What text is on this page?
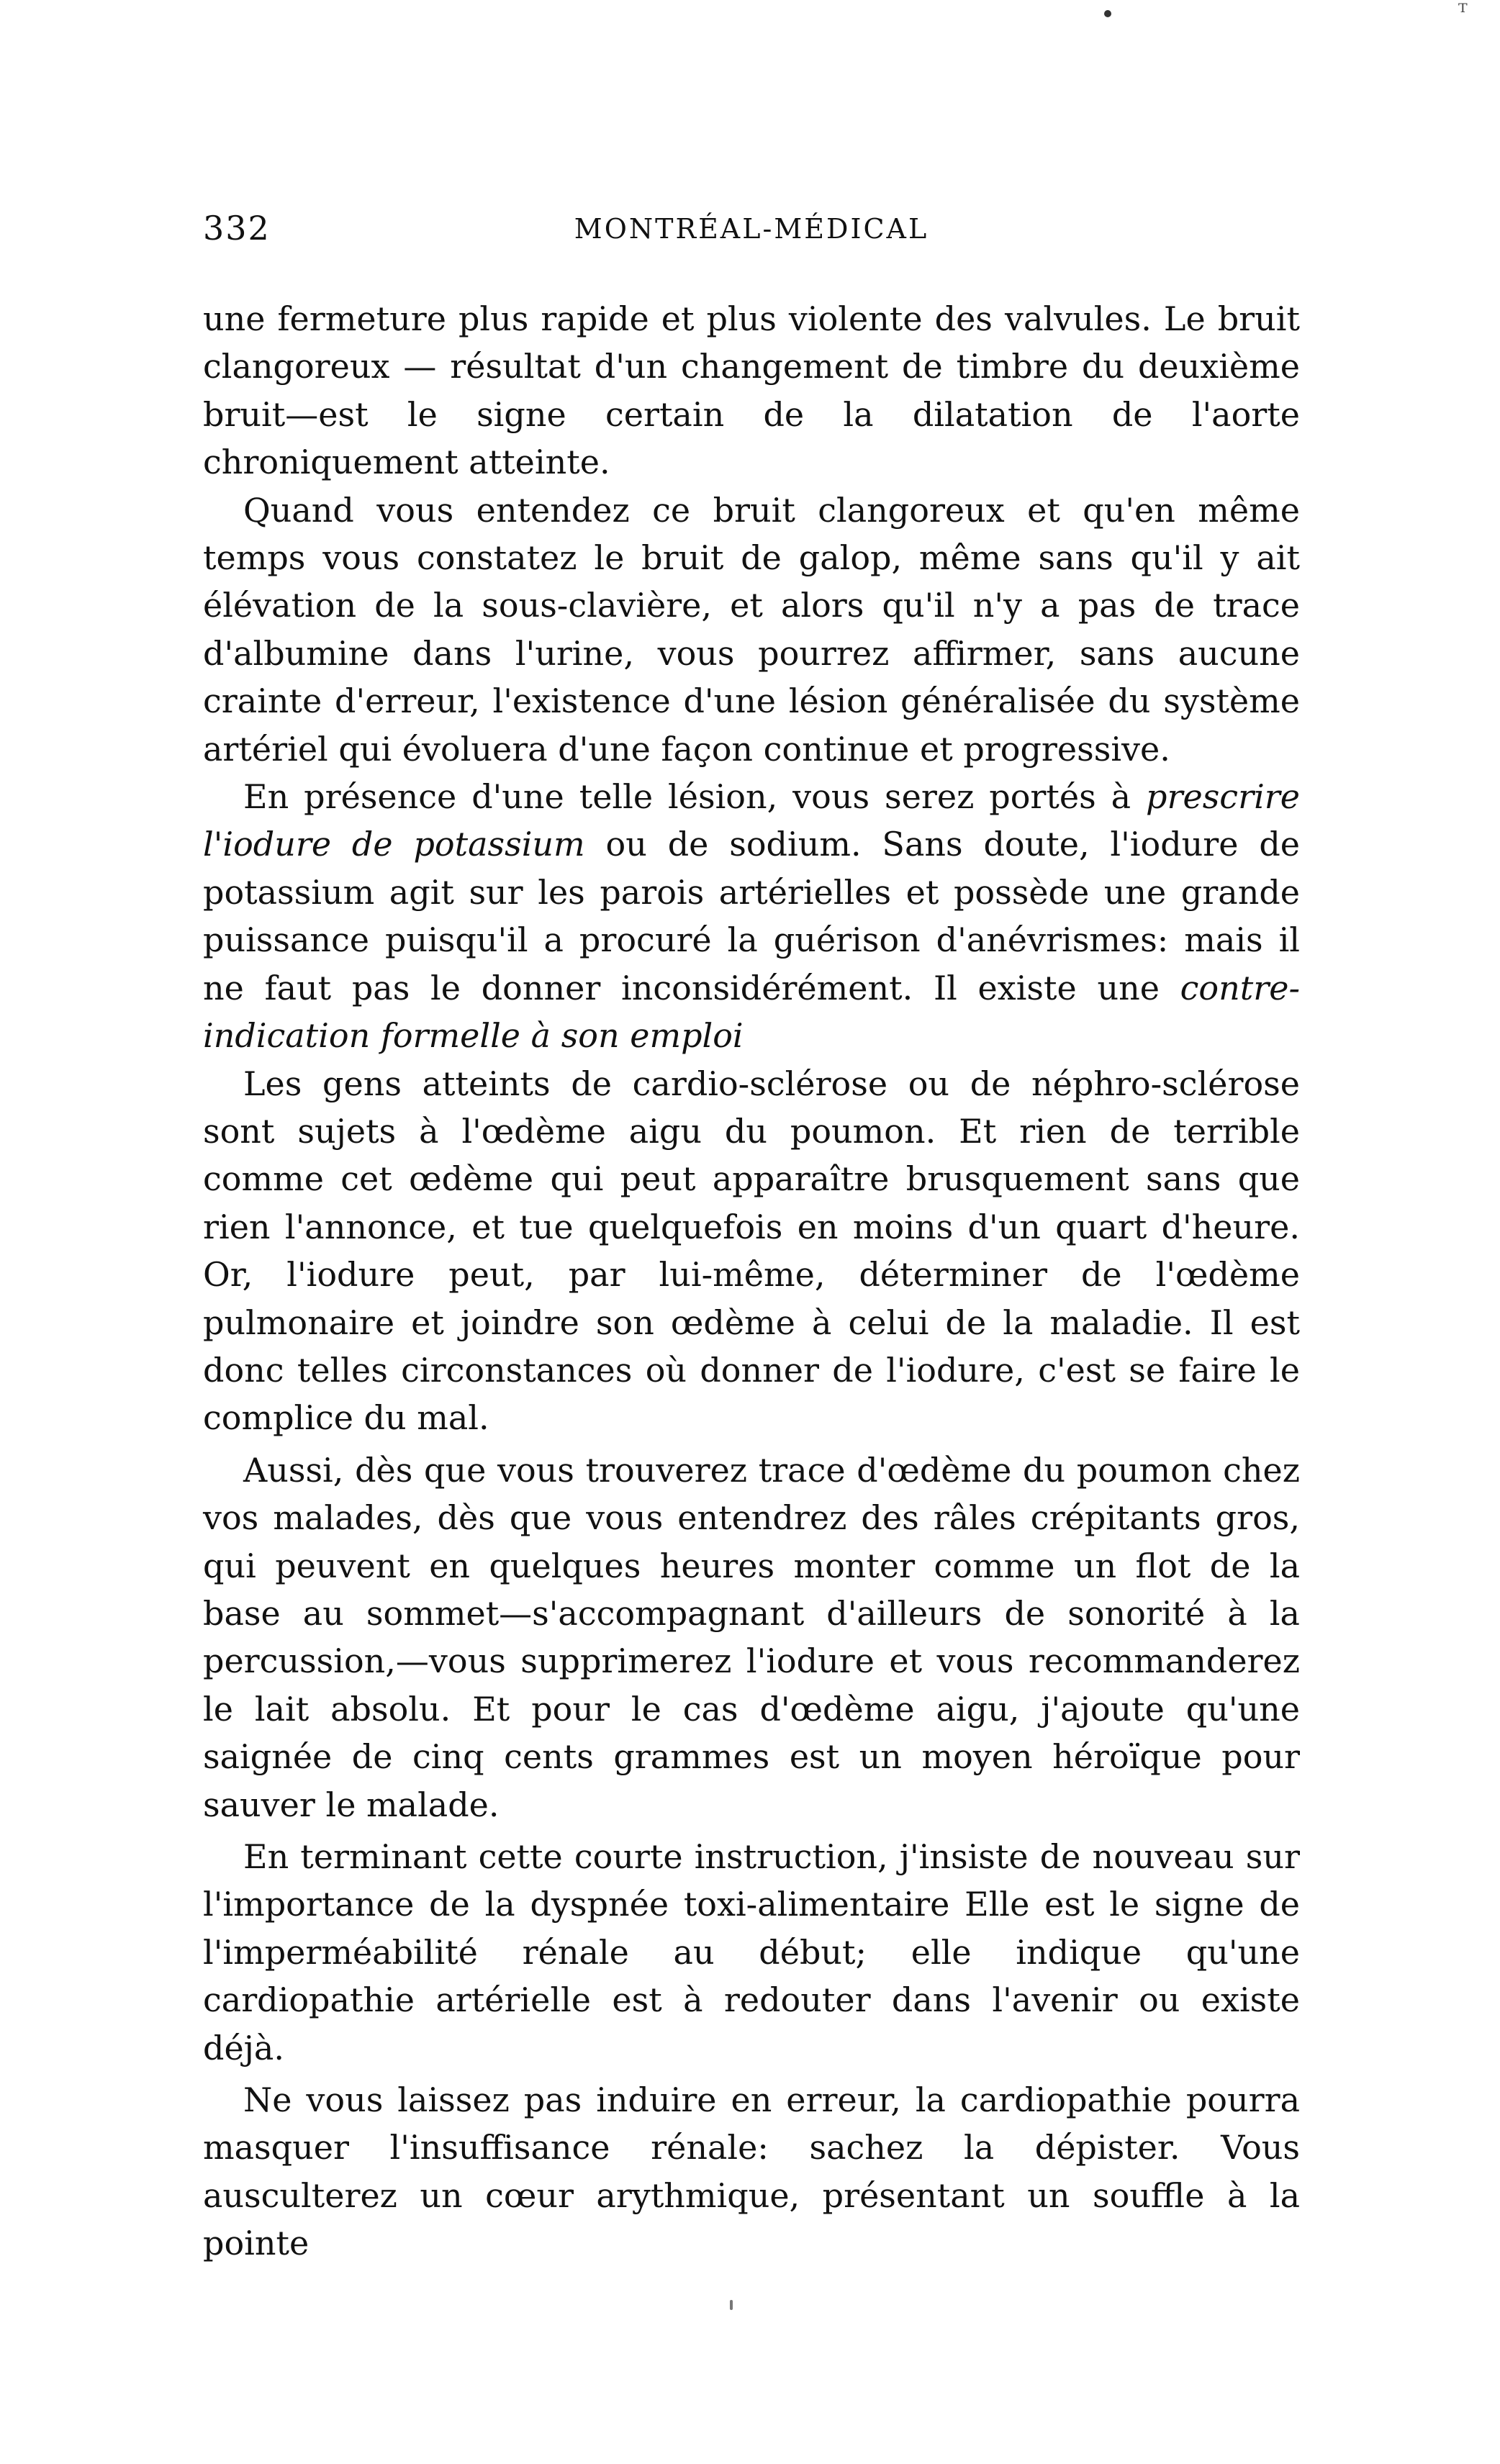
ᵀ
332	MONTRÉAL-MÉDICAL

une fermeture plus rapide et plus violente des valvules. Le bruit clangoreux — résultat d'un changement de timbre du deuxième bruit—est le signe certain de la dilatation de l'aorte chroniquement atteinte.

Quand vous entendez ce bruit clangoreux et qu'en même temps vous constatez le bruit de galop, même sans qu'il y ait élévation de la sous-clavière, et alors qu'il n'y a pas de trace d'albumine dans l'urine, vous pourrez affirmer, sans aucune crainte d'erreur, l'existence d'une lésion généralisée du système artériel qui évoluera d'une façon continue et progressive.

En présence d'une telle lésion, vous serez portés à prescrire l'iodure de potassium ou de sodium. Sans doute, l'iodure de potassium agit sur les parois artérielles et possède une grande puissance puisqu'il a procuré la guérison d'anévrismes: mais il ne faut pas le donner inconsidérément. Il existe une contre-indication formelle à son emploi

Les gens atteints de cardio-sclérose ou de néphro-sclérose sont sujets à l'œdème aigu du poumon. Et rien de terrible comme cet œdème qui peut apparaître brusquement sans que rien l'annonce, et tue quelquefois en moins d'un quart d'heure. Or, l'iodure peut, par lui-même, déterminer de l'œdème pulmonaire et joindre son œdème à celui de la maladie. Il est donc telles circonstances où donner de l'iodure, c'est se faire le complice du mal.

Aussi, dès que vous trouverez trace d'œdème du poumon chez vos malades, dès que vous entendrez des râles crépitants gros, qui peuvent en quelques heures monter comme un flot de la base au sommet—s'accompagnant d'ailleurs de sonorité à la percussion,—vous supprimerez l'iodure et vous recommanderez le lait absolu. Et pour le cas d'œdème aigu, j'ajoute qu'une saignée de cinq cents grammes est un moyen héroïque pour sauver le malade.

En terminant cette courte instruction, j'insiste de nouveau sur l'importance de la dyspnée toxi-alimentaire Elle est le signe de l'imperméabilité rénale au début; elle indique qu'une cardiopathie artérielle est à redouter dans l'avenir ou existe déjà.

Ne vous laissez pas induire en erreur, la cardiopathie pourra masquer l'insuffisance rénale: sachez la dépister. Vous ausculterez un cœur arythmique, présentant un souffle à la pointe
